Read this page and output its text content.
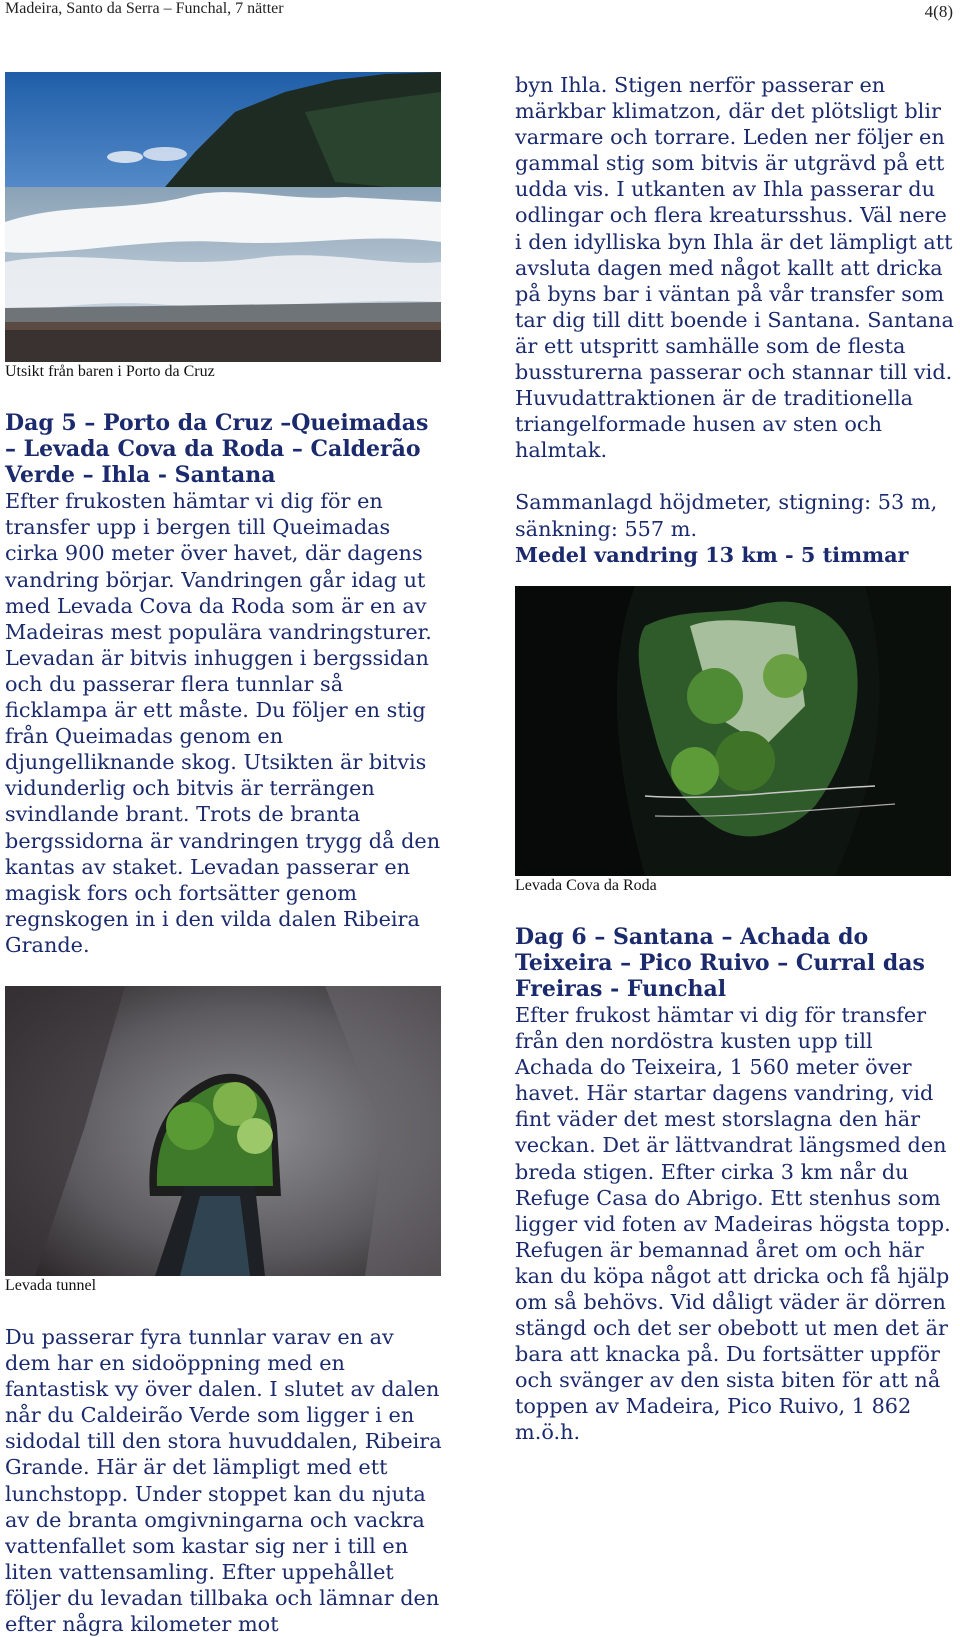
Madeira, Santo da Serra – Funchal, 7 nätter	4(8)
Utsikt från baren i Porto da Cruz
Dag 5 – Porto da Cruz –Queimadas – Levada Cova da Roda – Calderão Verde – Ihla - Santana

Efter frukosten hämtar vi dig för en transfer upp i bergen till Queimadas cirka 900 meter över havet, där dagens vandring börjar. Vandringen går idag ut med Levada Cova da Roda som är en av Madeiras mest populära vandringsturer. Levadan är bitvis inhuggen i bergssidan och du passerar flera tunnlar så ficklampa är ett måste. Du följer en stig från Queimadas genom en djungelliknande skog. Utsikten är bitvis vidunderlig och bitvis är terrängen svindlande brant. Trots de branta bergssidorna är vandringen trygg då den kantas av staket. Levadan passerar en magisk fors och fortsätter genom regnskogen in i den vilda dalen Ribeira Grande.

Levada tunnel

Du passerar fyra tunnlar varav en av dem har en sidoöppning med en fantastisk vy över dalen. I slutet av dalen når du Caldeirão Verde som ligger i en sidodal till den stora huvuddalen, Ribeira Grande. Här är det lämpligt med ett lunchstopp. Under stoppet kan du njuta av de branta omgivningarna och vackra vattenfallet som kastar sig ner i till en liten vattensamling. Efter uppehållet följer du levadan tillbaka och lämnar den efter några kilometer mot

byn Ihla. Stigen nerför passerar en märkbar klimatzon, där det plötsligt blir varmare och torrare. Leden ner följer en gammal stig som bitvis är utgrävd på ett udda vis. I utkanten av Ihla passerar du odlingar och flera kreatursshus. Väl nere i den idylliska byn Ihla är det lämpligt att avsluta dagen med något kallt att dricka på byns bar i väntan på vår transfer som tar dig till ditt boende i Santana. Santana är ett utspritt samhälle som de flesta bussturerna passerar och stannar till vid. Huvudattraktionen är de traditionella triangelformade husen av sten och halmtak.

Sammanlagd höjdmeter, stigning: 53 m, sänkning: 557 m.

Medel vandring 13 km - 5 timmar

Levada Cova da Roda
Dag 6 – Santana – Achada do Teixeira – Pico Ruivo – Curral das Freiras - Funchal

Efter frukost hämtar vi dig för transfer från den nordöstra kusten upp till Achada do Teixeira, 1 560 meter över havet. Här startar dagens vandring, vid fint väder det mest storslagna den här veckan. Det är lättvandrat längsmed den breda stigen. Efter cirka 3 km når du Refuge Casa do Abrigo. Ett stenhus som ligger vid foten av Madeiras högsta topp. Refugen är bemannad året om och här kan du köpa något att dricka och få hjälp om så behövs. Vid dåligt väder är dörren stängd och det ser obebott ut men det är bara att knacka på. Du fortsätter uppför och svänger av den sista biten för att nå toppen av Madeira, Pico Ruivo, 1 862 m.ö.h.
